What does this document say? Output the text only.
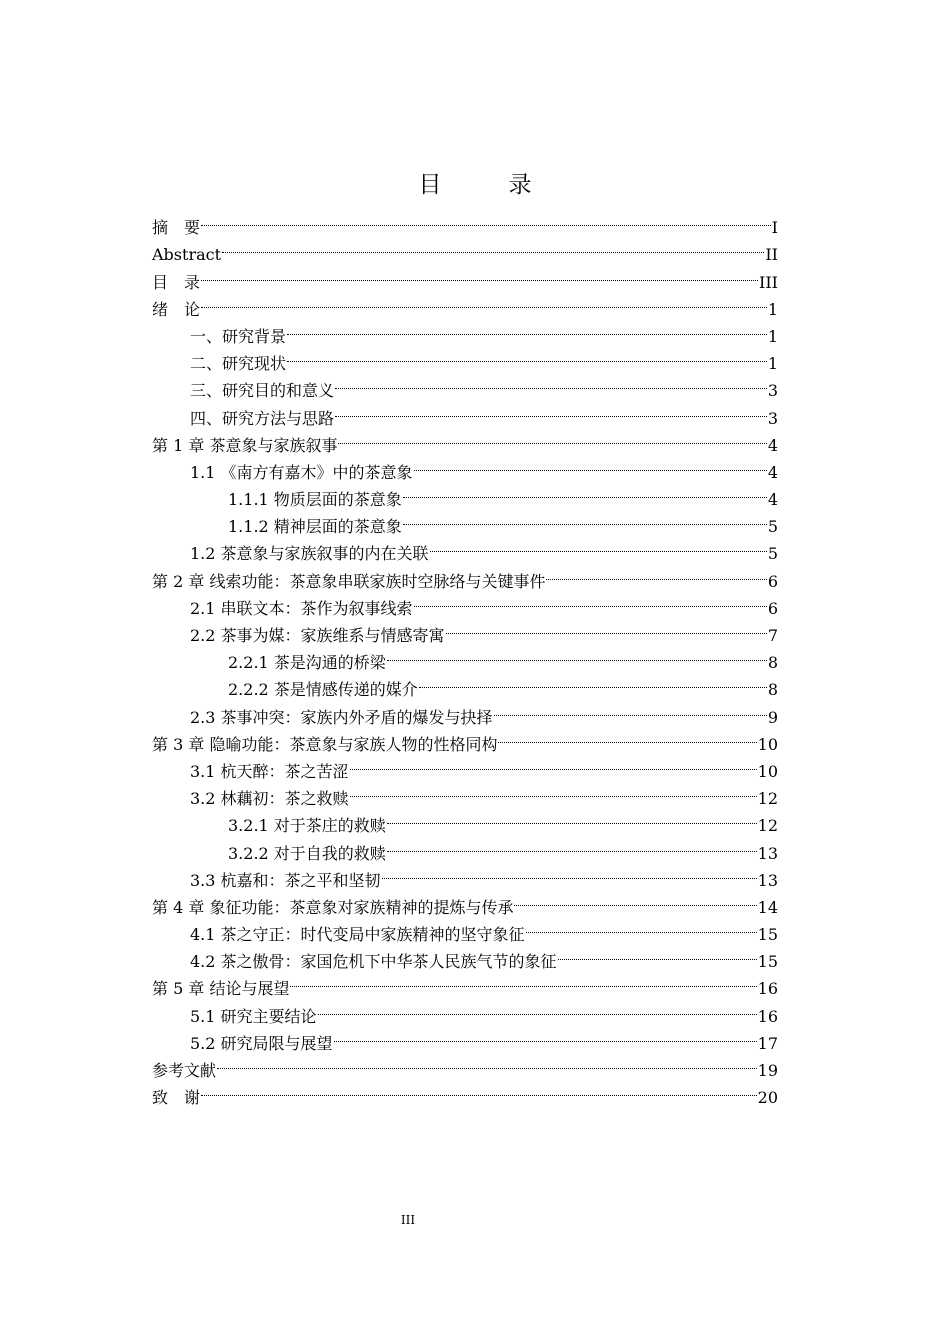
目　录
摘　要	I
Abstract	II
目　录	III
绪　论	1
一、研究背景	1
二、研究现状	1
三、研究目的和意义	3
四、研究方法与思路	3
第 1 章 茶意象与家族叙事	4
1.1 《南方有嘉木》中的茶意象	4
1.1.1 物质层面的茶意象	4
1.1.2 精神层面的茶意象	5
1.2 茶意象与家族叙事的内在关联	5
第 2 章 线索功能：茶意象串联家族时空脉络与关键事件	6
2.1 串联文本：茶作为叙事线索	6
2.2 茶事为媒：家族维系与情感寄寓	7
2.2.1 茶是沟通的桥梁	8
2.2.2 茶是情感传递的媒介	8
2.3 茶事冲突：家族内外矛盾的爆发与抉择	9
第 3 章 隐喻功能：茶意象与家族人物的性格同构	10
3.1 杭天醉：茶之苦涩	10
3.2 林藕初：茶之救赎	12
3.2.1 对于茶庄的救赎	12
3.2.2 对于自我的救赎	13
3.3 杭嘉和：茶之平和坚韧	13
第 4 章 象征功能：茶意象对家族精神的提炼与传承	14
4.1 茶之守正：时代变局中家族精神的坚守象征	15
4.2 茶之傲骨：家国危机下中华茶人民族气节的象征	15
第 5 章 结论与展望	16
5.1 研究主要结论	16
5.2 研究局限与展望	17
参考文献	19
致　谢	20
III
